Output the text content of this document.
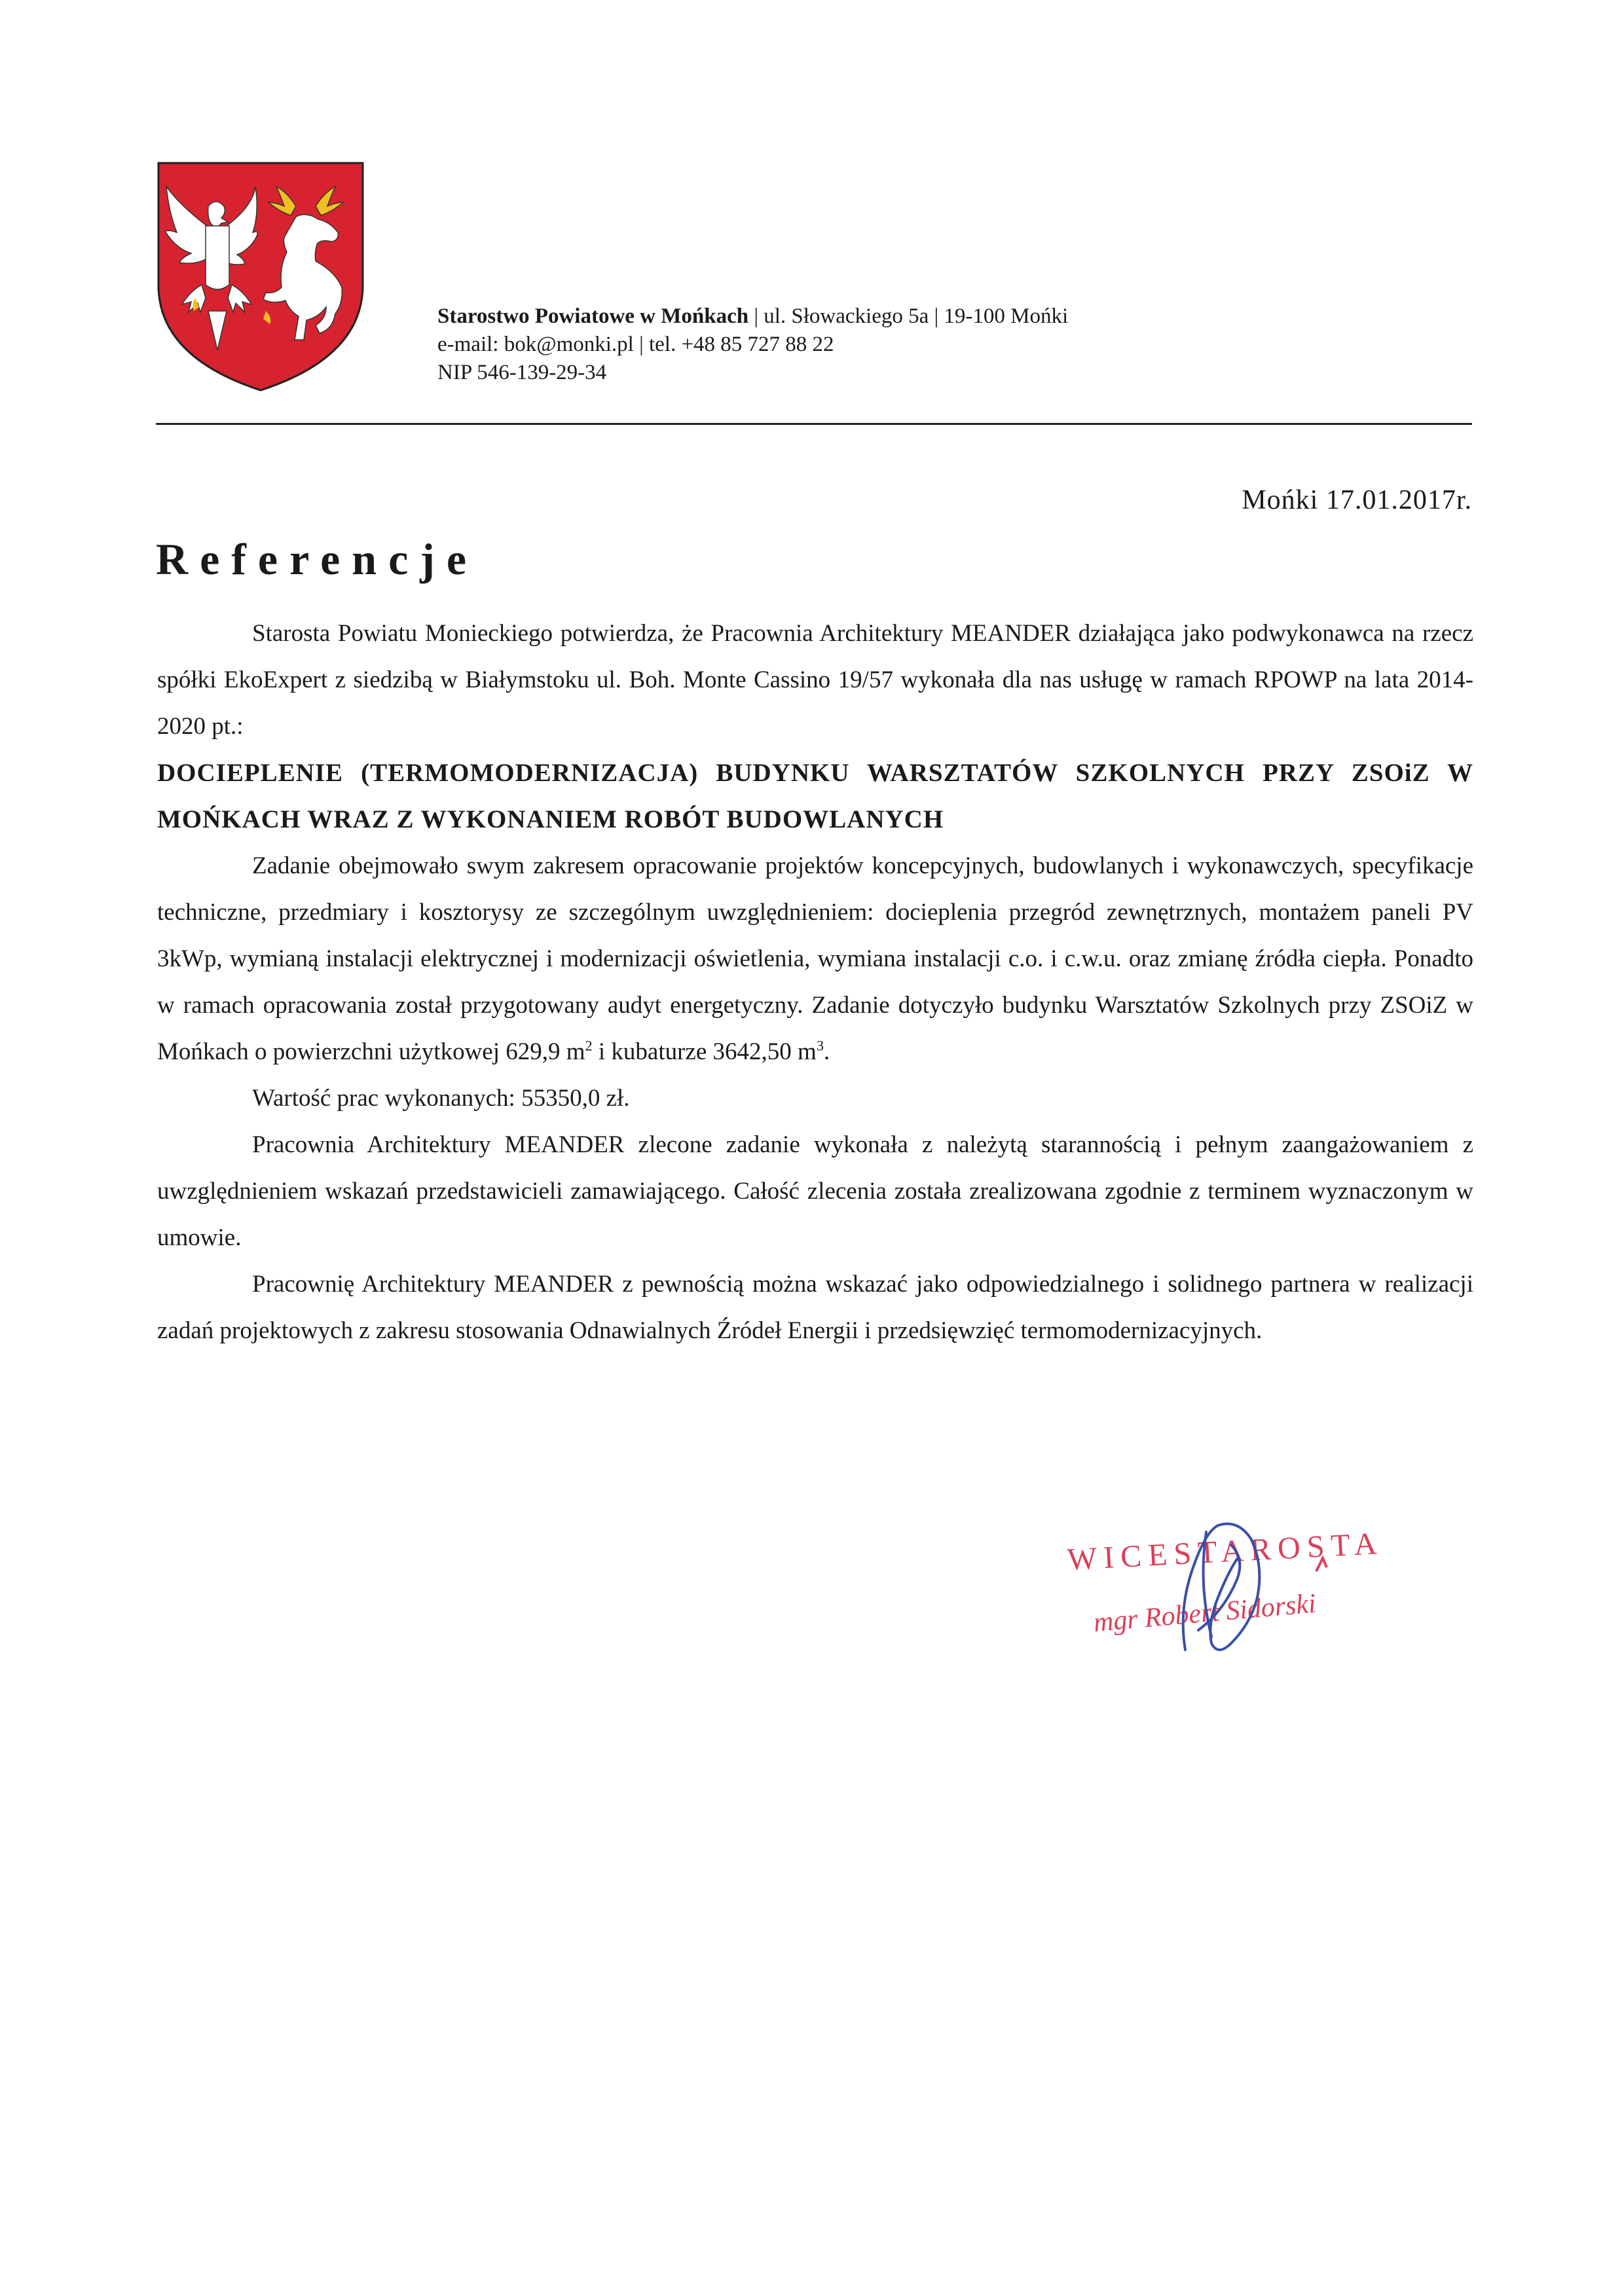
Starostwo Powiatowe w Mońkach | ul. Słowackiego 5a | 19-100 Mońki
e-mail: bok@monki.pl | tel. +48 85 727 88 22
NIP 546-139-29-34
Mońki 17.01.2017r.
Referencje

Starosta Powiatu Monieckiego potwierdza, że Pracownia Architektury MEANDER działająca jako podwykonawca na rzecz spółki EkoExpert z siedzibą w Białymstoku ul. Boh. Monte Cassino 19/57 wykonała dla nas usługę w ramach RPOWP na lata 2014-2020 pt.:

DOCIEPLENIE (TERMOMODERNIZACJA) BUDYNKU WARSZTATÓW SZKOLNYCH PRZY ZSOiZ W MOŃKACH WRAZ Z WYKONANIEM ROBÓT BUDOWLANYCH

Zadanie obejmowało swym zakresem opracowanie projektów koncepcyjnych, budowlanych i wykonawczych, specyfikacje techniczne, przedmiary i kosztorysy ze szczególnym uwzględnieniem: docieplenia przegród zewnętrznych, montażem paneli PV 3kWp, wymianą instalacji elektrycznej i modernizacji oświetlenia, wymiana instalacji c.o. i c.w.u. oraz zmianę źródła ciepła. Ponadto w ramach opracowania został przygotowany audyt energetyczny. Zadanie dotyczyło budynku Warsztatów Szkolnych przy ZSOiZ w Mońkach o powierzchni użytkowej 629,9 $m^2$ i kubaturze 3642,50 $m^3$.

Wartość prac wykonanych: 55350,0 zł.

Pracownia Architektury MEANDER zlecone zadanie wykonała z należytą starannością i pełnym zaangażowaniem z uwzględnieniem wskazań przedstawicieli zamawiającego. Całość zlecenia została zrealizowana zgodnie z terminem wyznaczonym w umowie.

Pracownię Architektury MEANDER z pewnością można wskazać jako odpowiedzialnego i solidnego partnera w realizacji zadań projektowych z zakresu stosowania Odnawialnych Źródeł Energii i przedsięwzięć termomodernizacyjnych.

WICESTAROSTA
mgr Robert Sidorski
